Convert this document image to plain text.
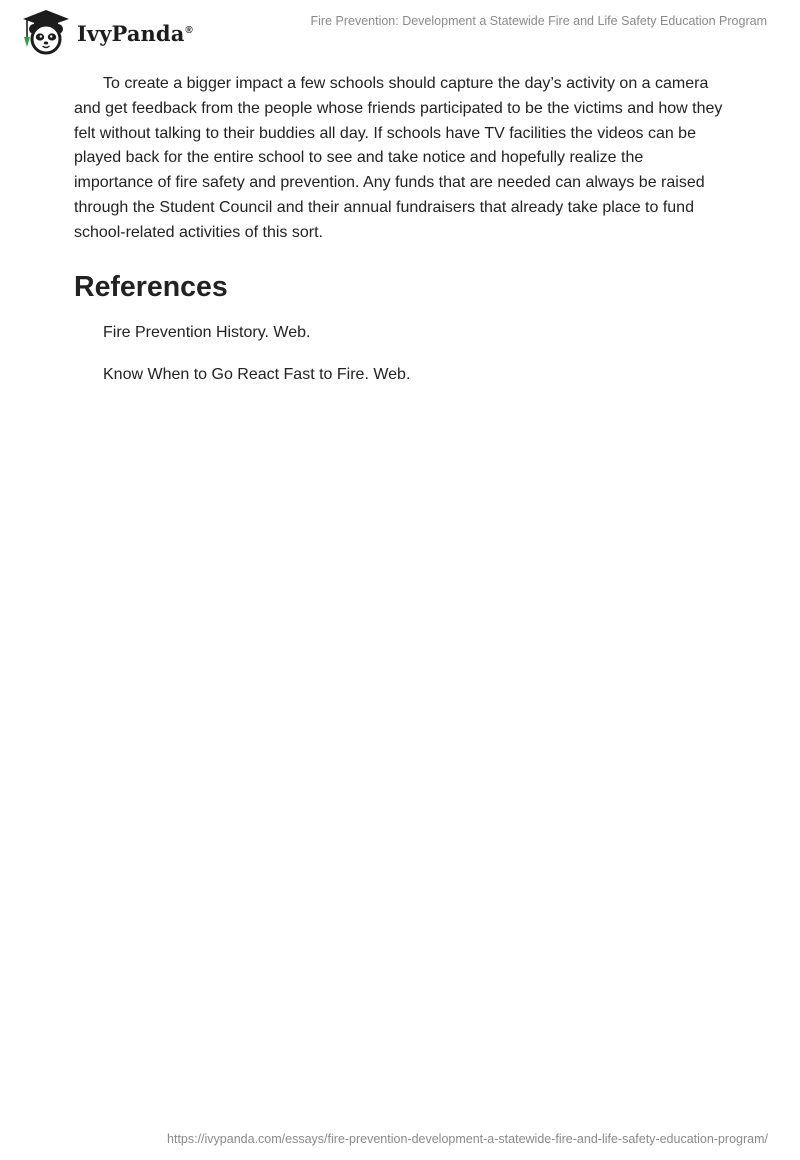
IvyPanda®
Fire Prevention: Development a Statewide Fire and Life Safety Education Program

To create a bigger impact a few schools should capture the day’s activity on a camera and get feedback from the people whose friends participated to be the victims and how they felt without talking to their buddies all day. If schools have TV facilities the videos can be played back for the entire school to see and take notice and hopefully realize the importance of fire safety and prevention. Any funds that are needed can always be raised through the Student Council and their annual fundraisers that already take place to fund school-related activities of this sort.

References
Fire Prevention History. Web.
Know When to Go React Fast to Fire. Web.
https://ivypanda.com/essays/fire-prevention-development-a-statewide-fire-and-life-safety-education-program/
